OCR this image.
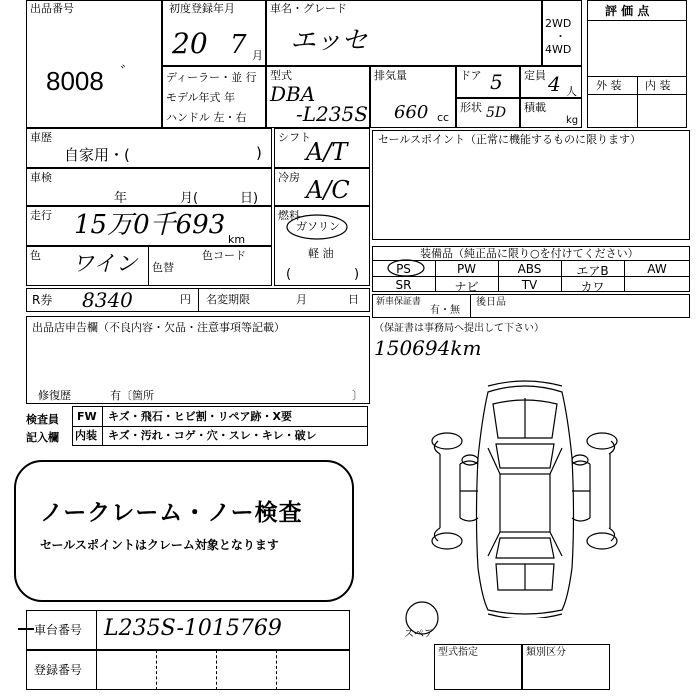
出品番号
8008 ゛
初度登録年月
20 7 月
車名・グレード
エッセ
2WD
・
4WD
評 価 点
外 装 内 装
ディーラー・並 行
モデル年式 年
ハンドル 左・右
型式
DBA
-L235S
排気量
660 cc
ドア 5 定員 4 人
形状 5D 積載
kg
車歴
自家用・(	)
車検
年	月(	日)
走行 15万0千693 km
色 ワイン 色替
色コード
シフト
A/T
冷房 A/C
燃料
ガソリン
軽 油
(	)
セールスポイント（正常に機能するものに限ります）
装備品（純正品に限り○を付けてください）
PS	PW	ABS	エアB	AW
SR	ナビ	TV	カワ
R券 8340	円 名変期限	月	日 新車保証書
有・無
後日品
（保証書は事務局へ提出して下さい）
150694km
出品店申告欄（不良内容・欠品・注意事項等記載）
修復歴	有〔箇所	〕
検査員
記入欄
FW キズ・飛石・ヒビ割・リペア跡・X要
内装 キズ・汚れ・コゲ・穴・スレ・キレ・破レ
ノークレーム・ノー検査
セールスポイントはクレーム対象となります
スペア
車台番号 L235S-1015769
登録番号
型式指定	類別区分
